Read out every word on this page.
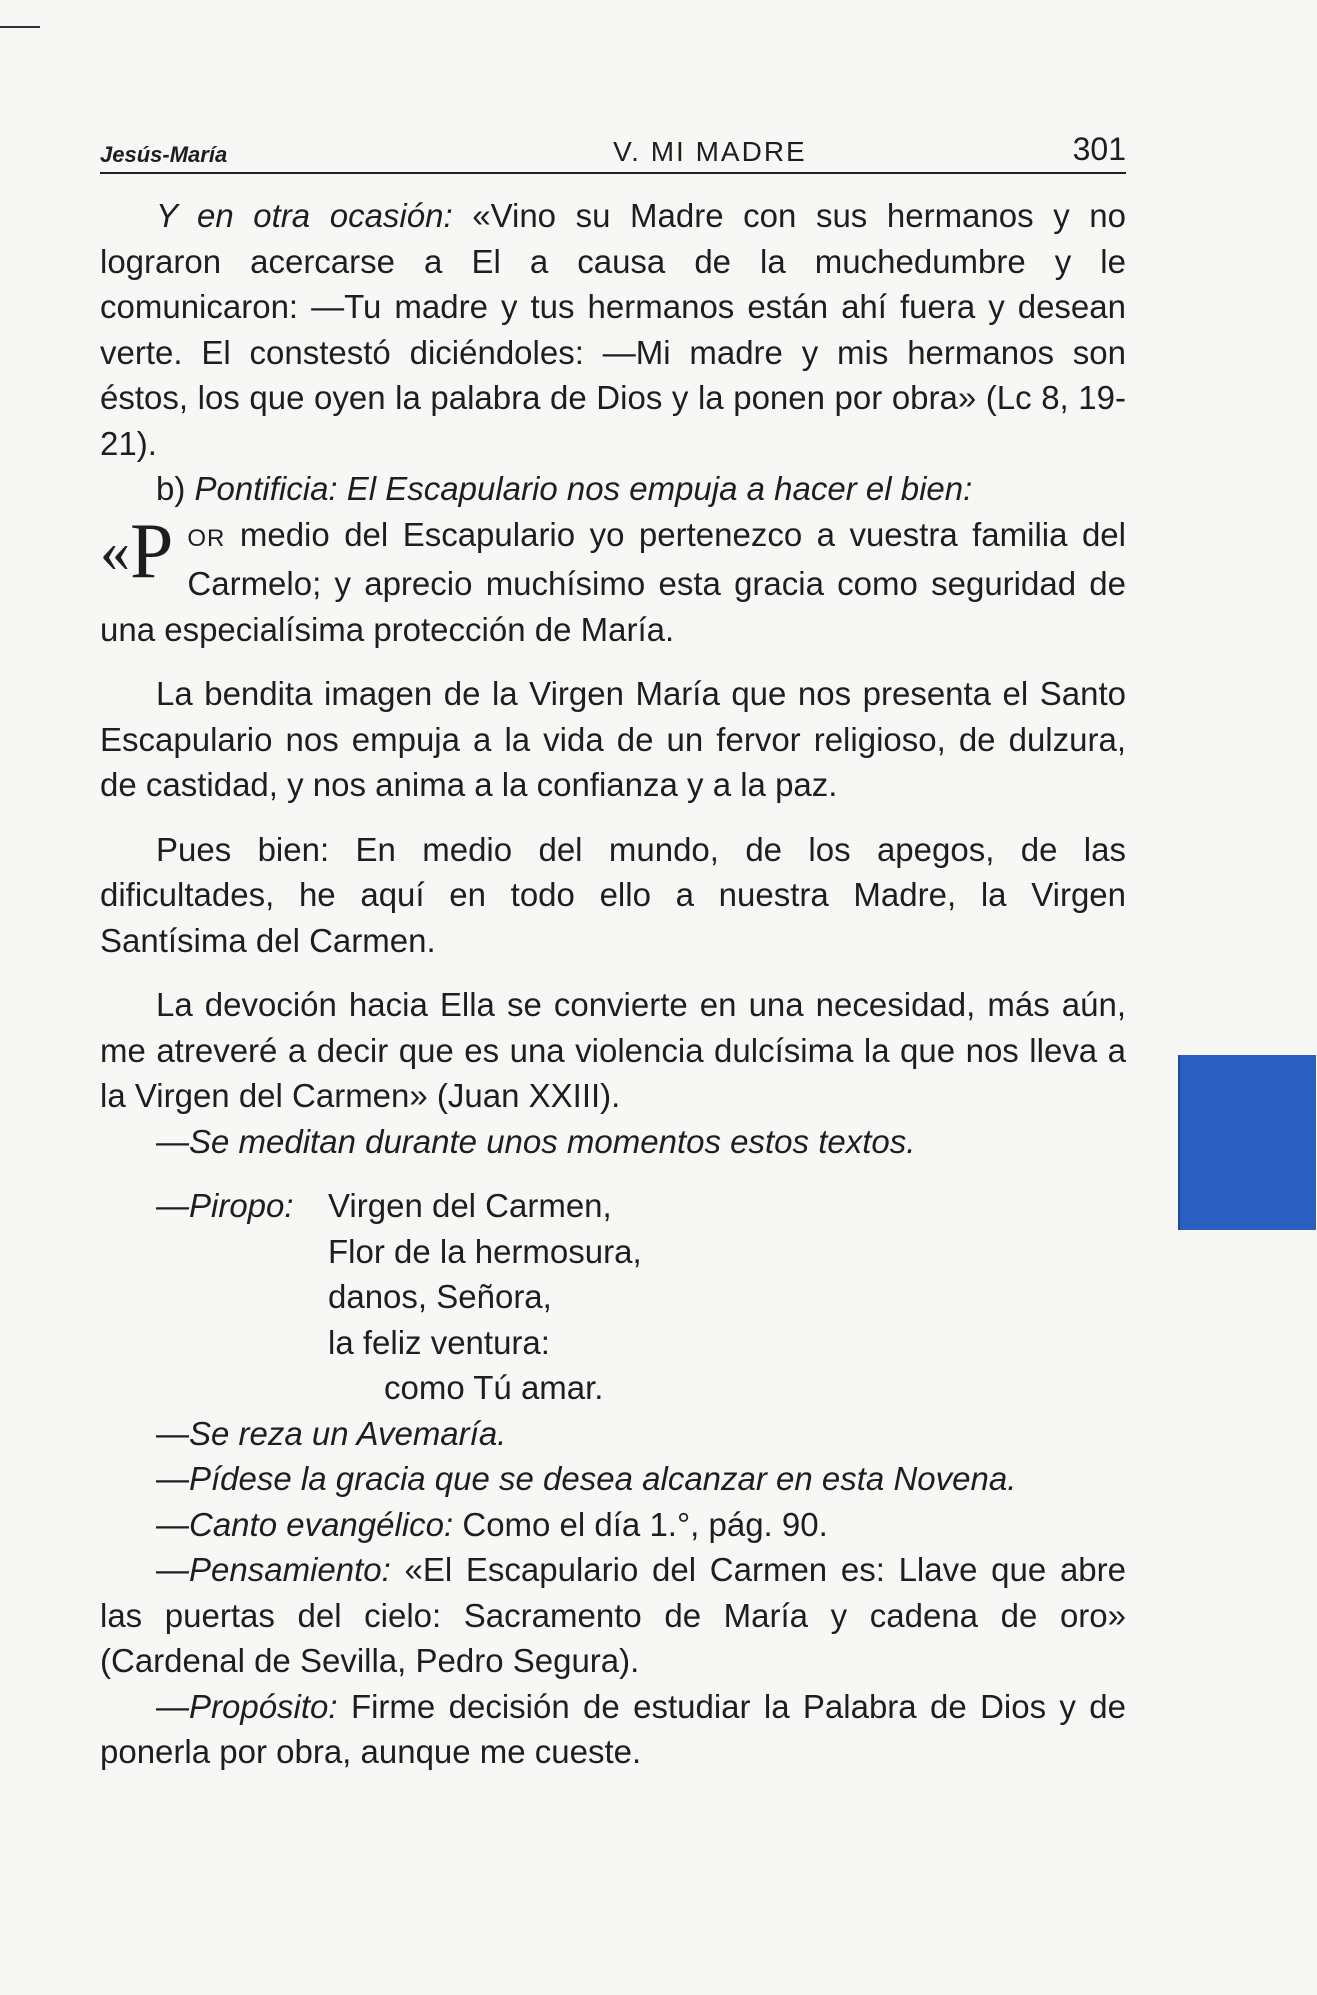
Jesús-María	V. MI MADRE	301

Y en otra ocasión: «Vino su Madre con sus hermanos y no lograron acercarse a El a causa de la muchedumbre y le comunicaron: —Tu madre y tus hermanos están ahí fuera y desean verte. El constestó diciéndoles: —Mi madre y mis hermanos son éstos, los que oyen la palabra de Dios y la ponen por obra» (Lc 8, 19-21).

b) Pontificia: El Escapulario nos empuja a hacer el bien:

«P OR medio del Escapulario yo pertenezco a vuestra familia del Carmelo; y aprecio muchísimo esta gracia como seguridad de una especialísima protección de María.

La bendita imagen de la Virgen María que nos presenta el Santo Escapulario nos empuja a la vida de un fervor religioso, de dulzura, de castidad, y nos anima a la confianza y a la paz.

Pues bien: En medio del mundo, de los apegos, de las dificultades, he aquí en todo ello a nuestra Madre, la Virgen Santísima del Carmen.

La devoción hacia Ella se convierte en una necesidad, más aún, me atreveré a decir que es una violencia dulcísima la que nos lleva a la Virgen del Carmen» (Juan XXIII).

—Se meditan durante unos momentos estos textos.

—Piropo:	Virgen del Carmen,
Flor de la hermosura,
danos, Señora,
la feliz ventura:
como Tú amar.

—Se reza un Avemaría.

—Pídese la gracia que se desea alcanzar en esta Novena.

—Canto evangélico: Como el día 1.°, pág. 90.

—Pensamiento: «El Escapulario del Carmen es: Llave que abre las puertas del cielo: Sacramento de María y cadena de oro» (Cardenal de Sevilla, Pedro Segura).

—Propósito: Firme decisión de estudiar la Palabra de Dios y de ponerla por obra, aunque me cueste.
